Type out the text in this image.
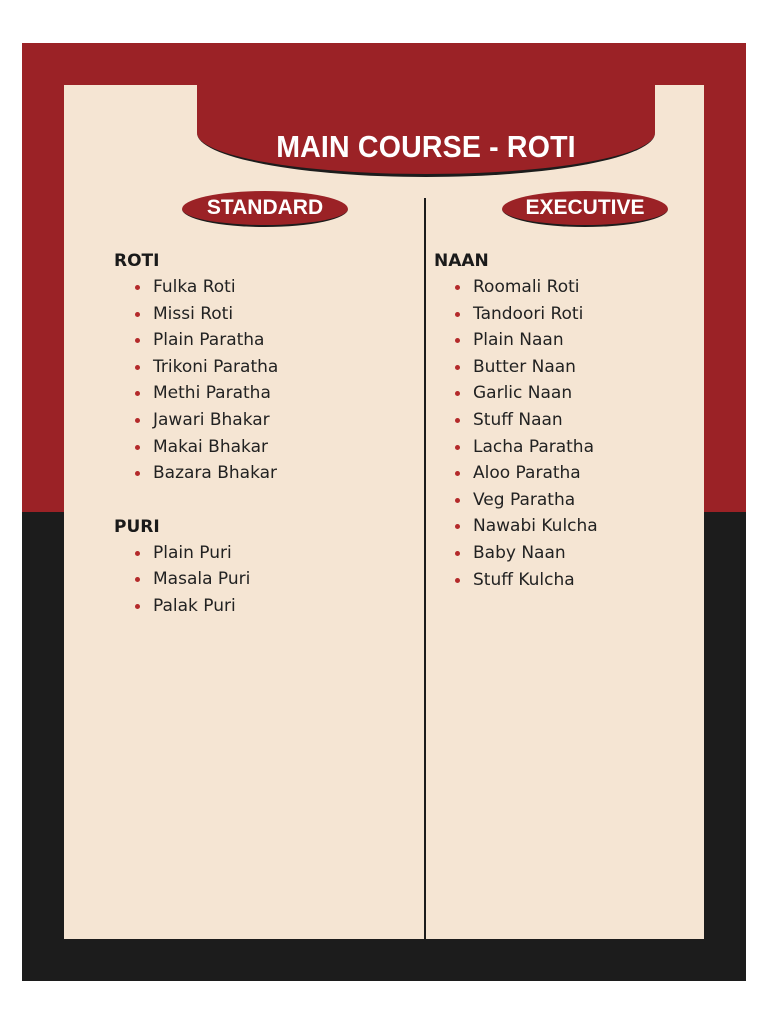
MAIN COURSE - ROTI
STANDARD	EXECUTIVE
ROTI
Fulka Roti
Missi Roti
Plain Paratha
Trikoni Paratha
Methi Paratha
Jawari Bhakar
Makai Bhakar
Bazara Bhakar
PURI
Plain Puri
Masala Puri
Palak Puri
NAAN
Roomali Roti
Tandoori Roti
Plain Naan
Butter Naan
Garlic Naan
Stuff Naan
Lacha Paratha
Aloo Paratha
Veg Paratha
Nawabi Kulcha
Baby Naan
Stuff Kulcha
